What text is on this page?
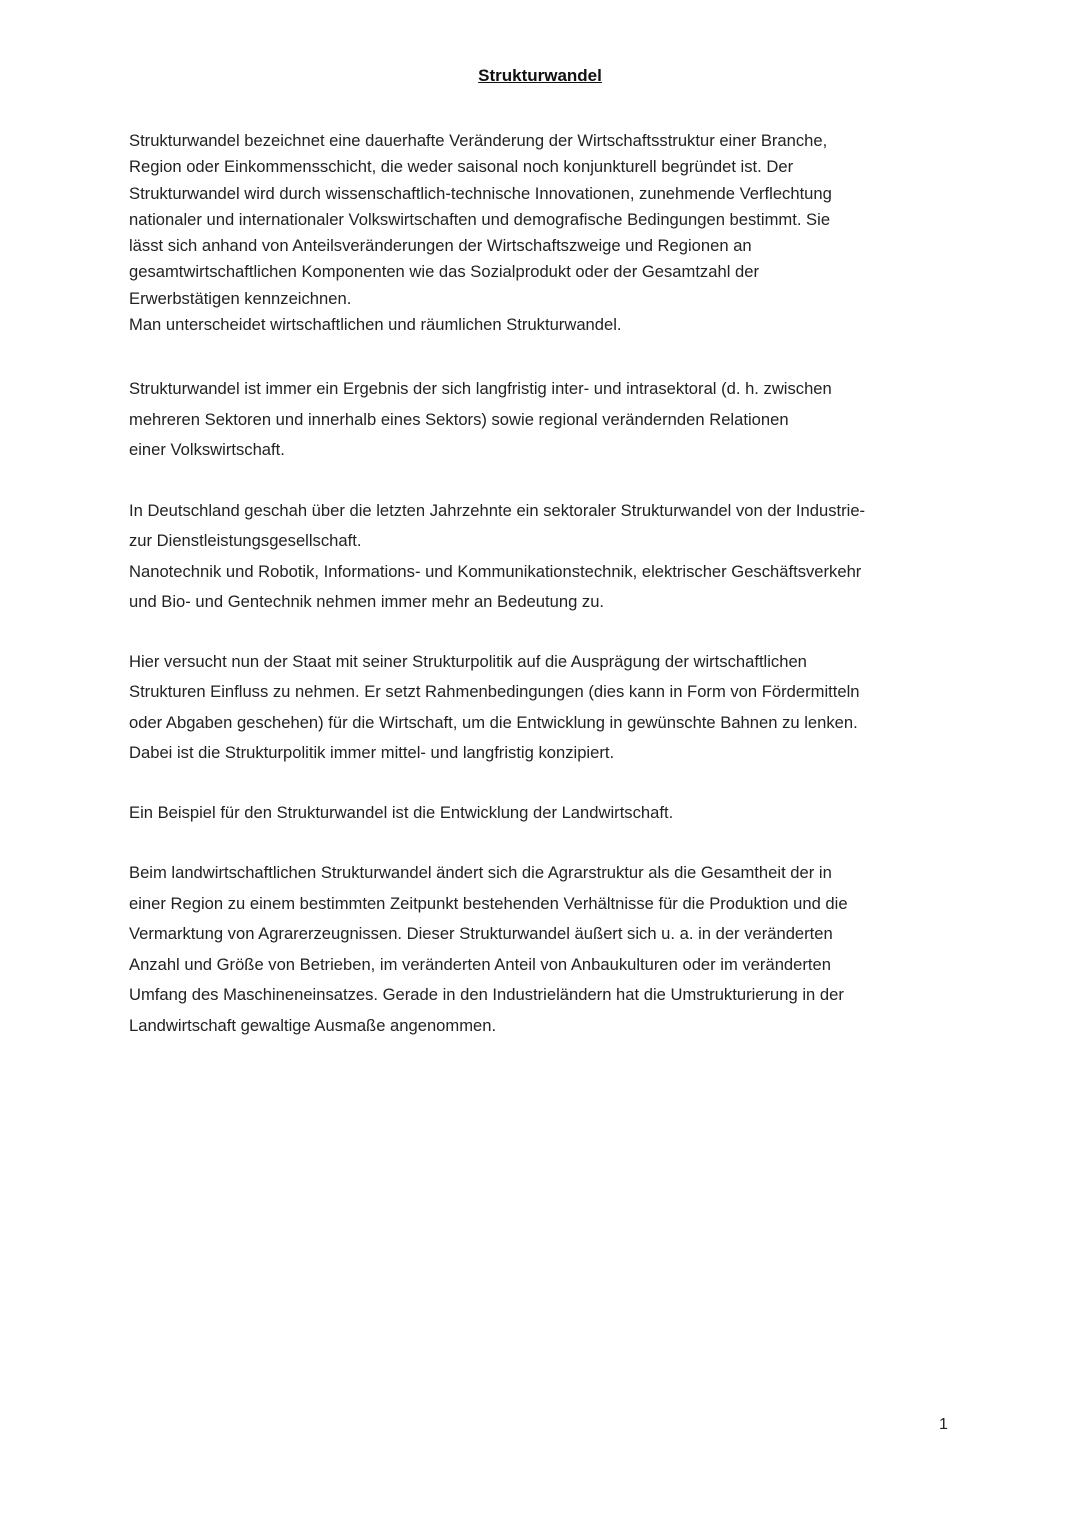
Strukturwandel
Strukturwandel bezeichnet eine dauerhafte Veränderung der Wirtschaftsstruktur einer Branche,
Region oder Einkommensschicht, die weder saisonal noch konjunkturell begründet ist. Der
Strukturwandel wird durch wissenschaftlich-technische Innovationen, zunehmende Verflechtung
nationaler und internationaler Volkswirtschaften und demografische Bedingungen bestimmt. Sie
lässt sich anhand von Anteilsveränderungen der Wirtschaftszweige und Regionen an
gesamtwirtschaftlichen Komponenten wie das Sozialprodukt oder der Gesamtzahl der
Erwerbstätigen kennzeichnen.
Man unterscheidet wirtschaftlichen und räumlichen Strukturwandel.
Strukturwandel ist immer ein Ergebnis der sich langfristig inter- und intrasektoral (d. h. zwischen
mehreren Sektoren und innerhalb eines Sektors) sowie regional verändernden Relationen
einer Volkswirtschaft.
In Deutschland geschah über die letzten Jahrzehnte ein sektoraler Strukturwandel von der Industrie-
zur Dienstleistungsgesellschaft.
Nanotechnik und Robotik, Informations- und Kommunikationstechnik, elektrischer Geschäftsverkehr
und Bio- und Gentechnik nehmen immer mehr an Bedeutung zu.
Hier versucht nun der Staat mit seiner Strukturpolitik auf die Ausprägung der wirtschaftlichen
Strukturen Einfluss zu nehmen. Er setzt Rahmenbedingungen (dies kann in Form von Fördermitteln
oder Abgaben geschehen) für die Wirtschaft, um die Entwicklung in gewünschte Bahnen zu lenken.
Dabei ist die Strukturpolitik immer mittel- und langfristig konzipiert.
Ein Beispiel für den Strukturwandel ist die Entwicklung der Landwirtschaft.
Beim landwirtschaftlichen Strukturwandel ändert sich die Agrarstruktur als die Gesamtheit der in
einer Region zu einem bestimmten Zeitpunkt bestehenden Verhältnisse für die Produktion und die
Vermarktung von Agrarerzeugnissen. Dieser Strukturwandel äußert sich u. a. in der veränderten
Anzahl und Größe von Betrieben, im veränderten Anteil von Anbaukulturen oder im veränderten
Umfang des Maschineneinsatzes. Gerade in den Industrieländern hat die Umstrukturierung in der
Landwirtschaft gewaltige Ausmaße angenommen.
1
